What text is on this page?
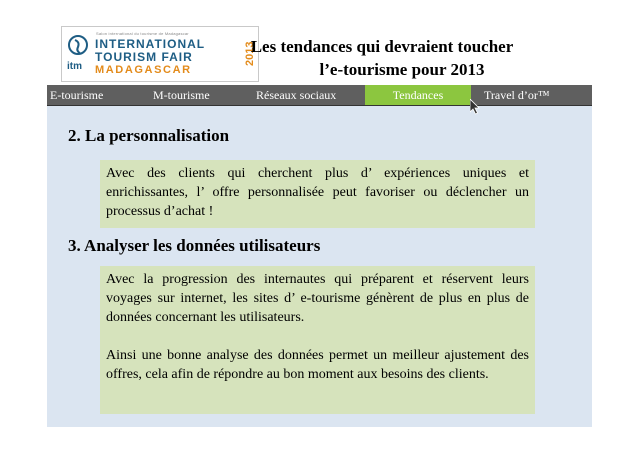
itm
Salon international du tourisme de Madagascar
INTERNATIONAL
TOURISM FAIR
MADAGASCAR
2013
Les tendances qui devraient toucher
l’e-tourisme pour 2013
E-tourisme	M-tourisme	Réseaux sociaux	Tendances	Travel d’or™
2. La personnalisation

Avec des clients qui cherchent plus d’ expériences uniques et enrichissantes, l’ offre personnalisée peut favoriser ou déclencher un processus d’achat !

3. Analyser les données utilisateurs

Avec la progression des internautes qui préparent et réservent leurs voyages sur internet, les sites d’ e-tourisme génèrent de plus en plus de données concernant les utilisateurs.

Ainsi une bonne analyse des données permet un meilleur ajustement des offres, cela afin de répondre au bon moment aux besoins des clients.
